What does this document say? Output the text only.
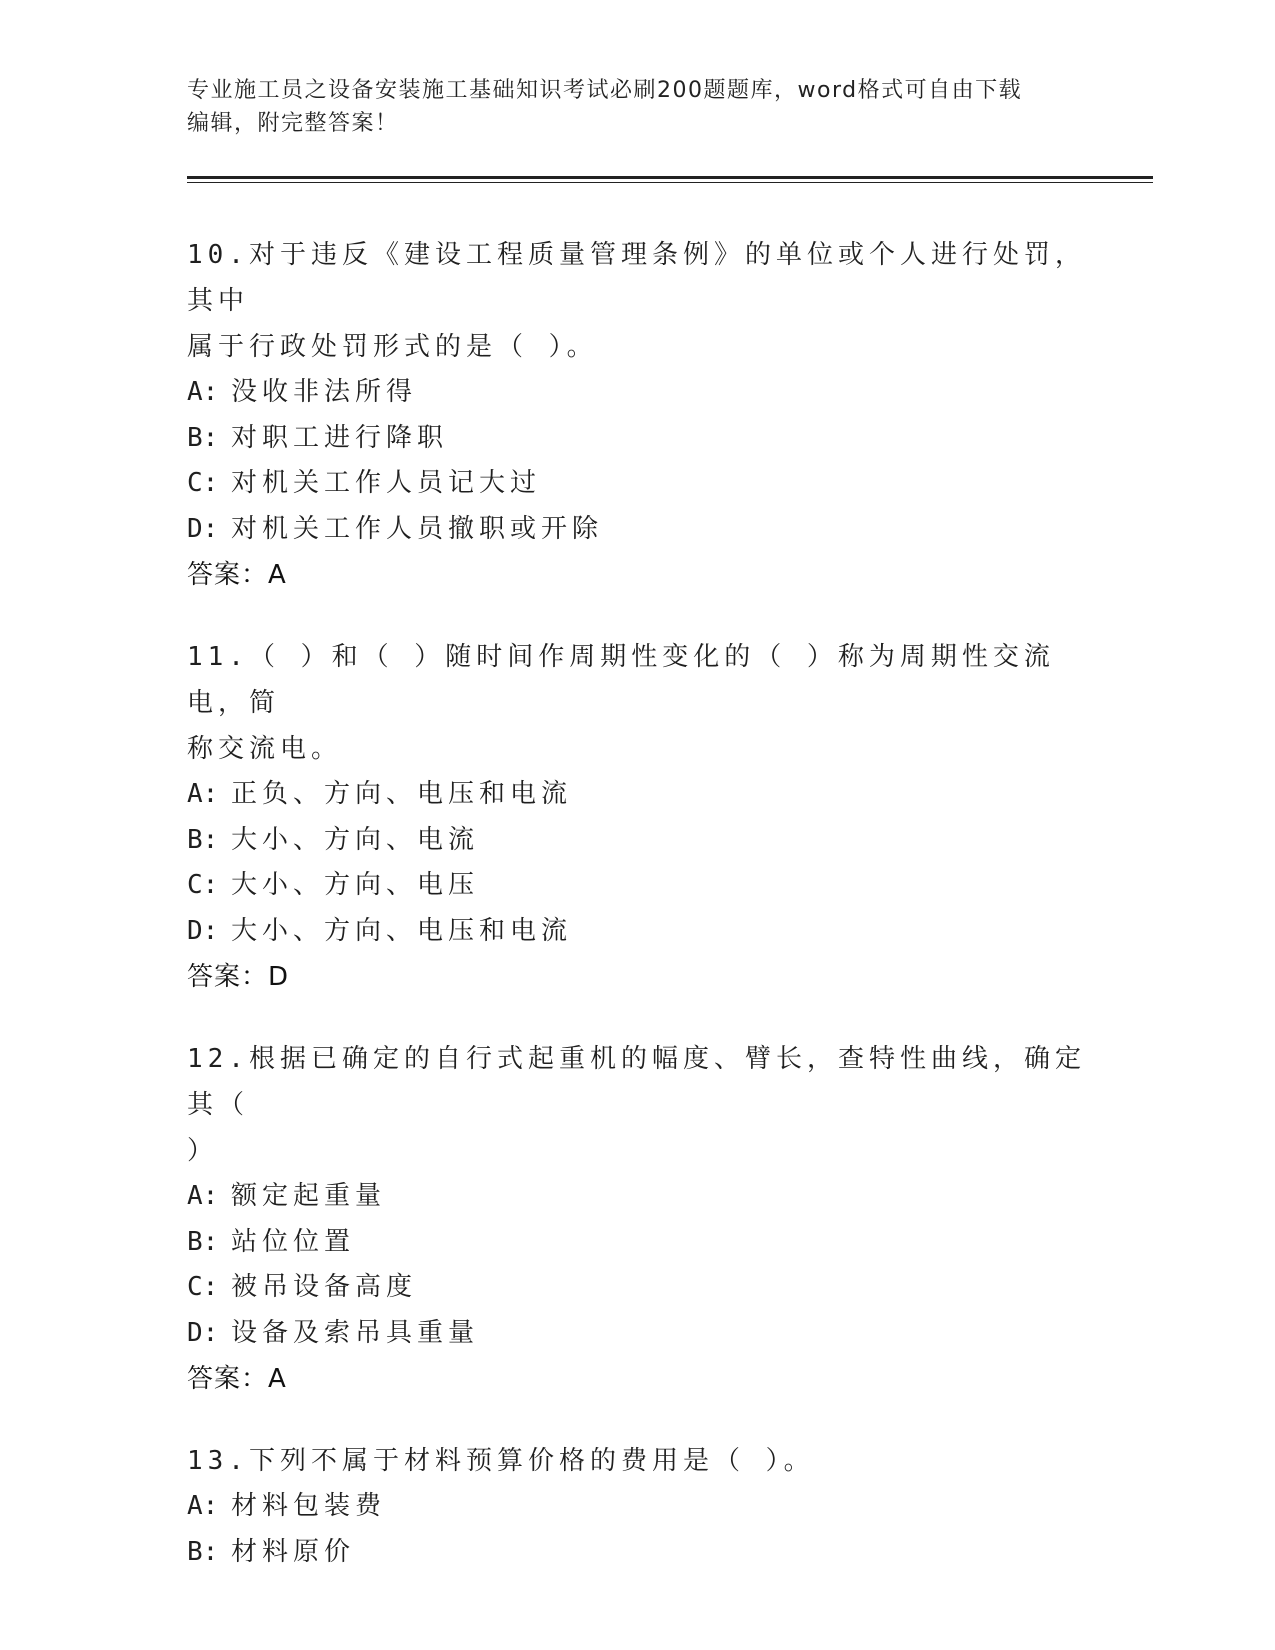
专业施工员之设备安装施工基础知识考试必刷200题题库，word格式可自由下载
编辑，附完整答案！
10.对于违反《建设工程质量管理条例》的单位或个人进行处罚，其中
属于行政处罚形式的是（ ）。
A: 没收非法所得
B: 对职工进行降职
C: 对机关工作人员记大过
D: 对机关工作人员撤职或开除
答案：A
11.（ ）和（ ）随时间作周期性变化的（ ）称为周期性交流电，简
称交流电。
A: 正负、方向、电压和电流
B: 大小、方向、电流
C: 大小、方向、电压
D: 大小、方向、电压和电流
答案：D
12.根据已确定的自行式起重机的幅度、臂长，查特性曲线，确定其（
）
A: 额定起重量
B: 站位位置
C: 被吊设备高度
D: 设备及索吊具重量
答案：A
13.下列不属于材料预算价格的费用是（ ）。
A: 材料包装费
B: 材料原价
